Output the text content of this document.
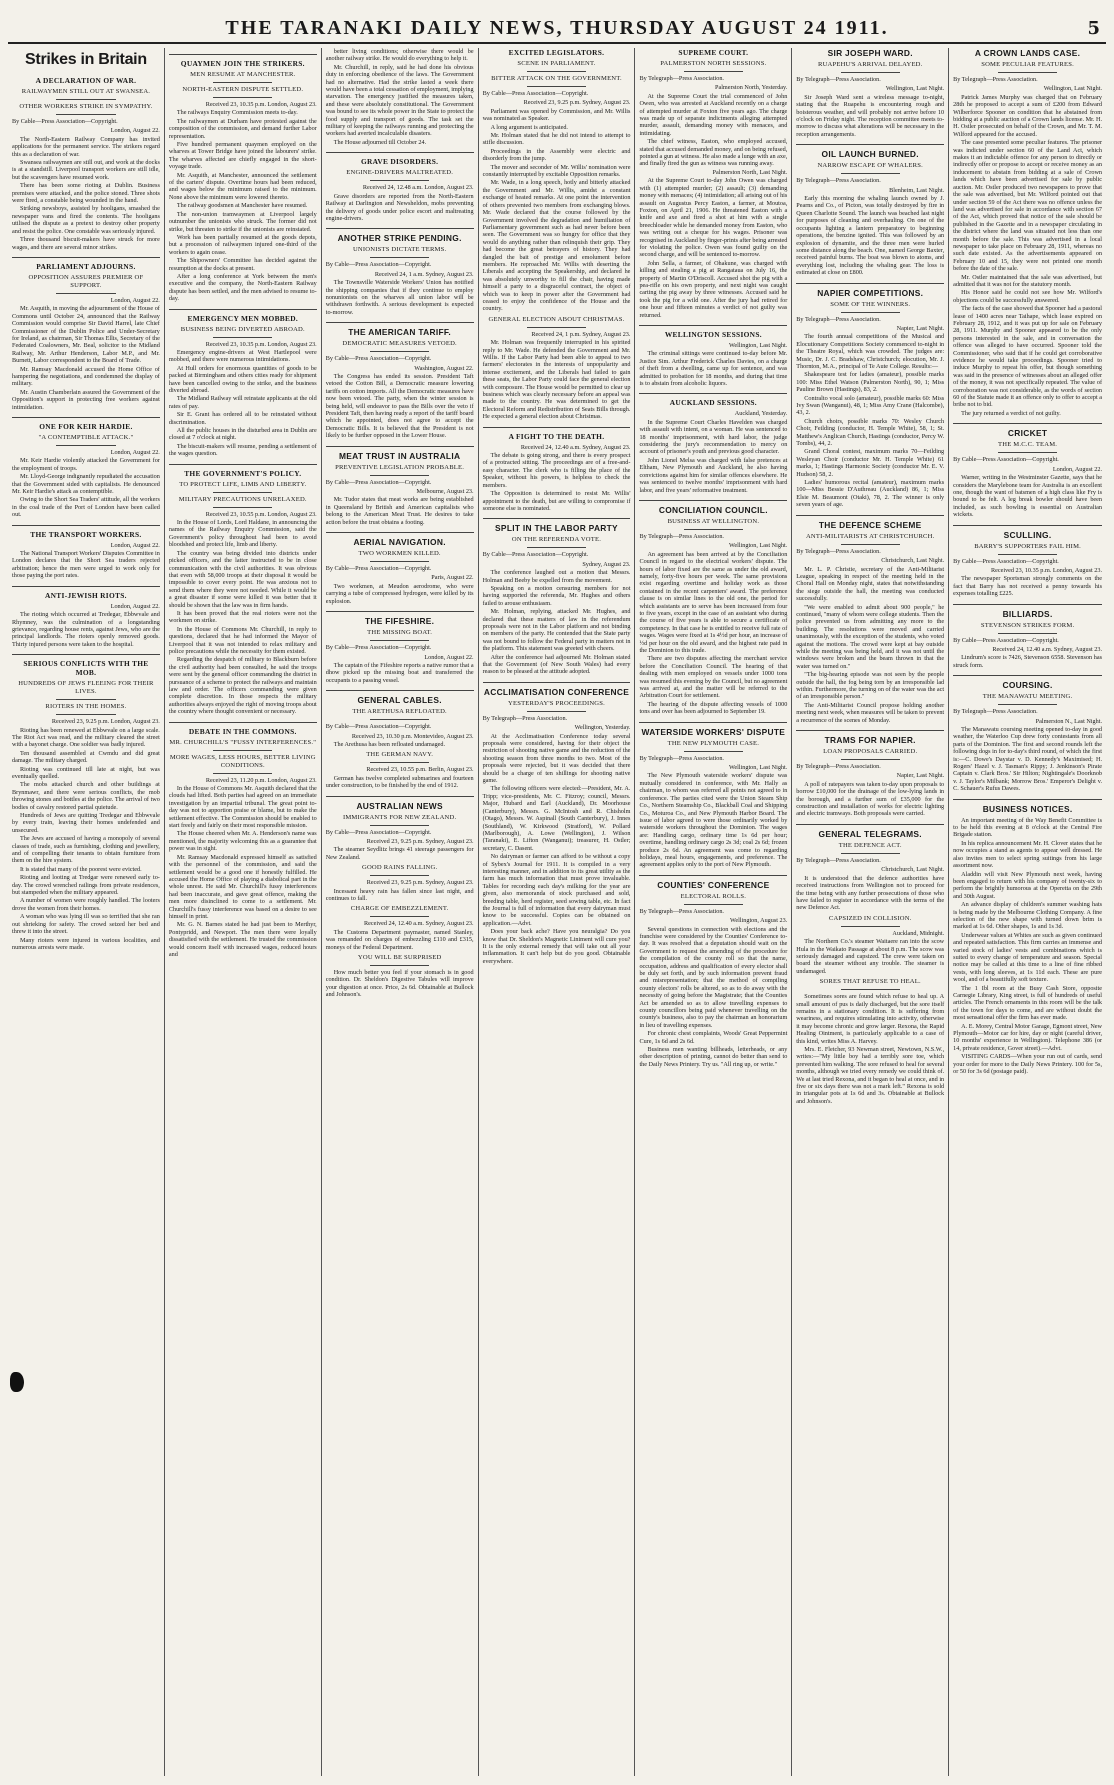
THE TARANAKI DAILY NEWS, THURSDAY AUGUST 24 1911.	5
Strikes in Britain
A DECLARATION OF WAR.
RAILWAYMEN STILL OUT AT SWANSEA.
OTHER WORKERS STRIKE IN SYMPATHY.
By Cable—Press Association—Copyright.
London, August 22.

The North-Eastern Railway Company has invited applications for the permanent service. The strikers regard this as a declaration of war.

Swansea railwaymen are still out, and work at the docks is at a standstill. Liverpool transport workers are still idle, but the scavengers have resumed work.

There has been some rioting at Dublin. Business premises were attacked, and the police stoned. Three shots were fired, a constable being wounded in the hand.

Striking newsboys, assisted by hooligans, smashed the newspaper vans and fired the contents. The hooligans utilised the dispute as a pretext to destroy other property and resist the police. One constable was seriously injured.

Three thousand biscuit-makers have struck for more wages, and there are several minor strikes.

PARLIAMENT ADJOURNS.
OPPOSITION ASSURES PREMIER OF SUPPORT.
London, August 22.

Mr. Asquith, in moving the adjournment of the House of Commons until October 24, announced that the Railway Commission would comprise Sir David Harrel, late Chief Commissioner of the Dublin Police and Under-Secretary for Ireland, as chairman, Sir Thomas Ellis, Secretary of the Federated Coalowners, Mr. Beal, solicitor to the Midland Railway, Mr. Arthur Henderson, Labor M.P., and Mr. Burnett, Labor correspondent to the Board of Trade.

Mr. Ramsay Macdonald accused the Home Office of hampering the negotiations, and condemned the display of military.

Mr. Austin Chamberlain assured the Government of the Opposition's support in protecting free workers against intimidation.

ONE FOR KEIR HARDIE.
"A CONTEMPTIBLE ATTACK."
London, August 22.

Mr. Keir Hardie violently attacked the Government for the employment of troops.

Mr. Lloyd-George indignantly repudiated the accusation that the Government sided with capitalists. He denounced Mr. Keir Hardie's attack as contemptible.

Owing to the Short Sea Traders' attitude, all the workers in the coal trade of the Port of London have been called out.

THE TRANSPORT WORKERS.
London, August 22.

The National Transport Workers' Disputes Committee in London declares that the Short Sea traders rejected arbitration; hence the men were urged to work only for those paying the port rates.

ANTI-JEWISH RIOTS.
London, August 22.

The rioting which occurred at Tredegar, Ebbwvale and Rhymney, was the culmination of a longstanding grievance, regarding house rents, against Jews, who are the principal landlords. The rioters openly removed goods. Thirty injured persons were taken to the hospital.

SERIOUS CONFLICTS WITH THE MOB.
HUNDREDS OF JEWS FLEEING FOR THEIR LIVES.
RIOTERS IN THE HOMES.
Received 23, 9.25 p.m. London, August 23.

Rioting has been renewed at Ebbwvale on a large scale. The Riot Act was read, and the military cleared the street with a bayonet charge. One soldier was badly injured.

Ten thousand assembled at Cwmdu and did great damage. The military charged.

Rioting was continued till late at night, but was eventually quelled.

The mobs attacked church and other buildings at Brynmawr, and there were serious conflicts, the mob throwing stones and bottles at the police. The arrival of two bodies of cavalry restored partial quietude.

Hundreds of Jews are quitting Tredegar and Ebbwvale by every train, leaving their homes undefended and unsecured.

The Jews are accused of having a monopoly of several classes of trade, such as furnishing, clothing and jewellery, and of compelling their tenants to obtain furniture from them on the hire system.

It is stated that many of the poorest were evicted.

Rioting and looting at Tredgar were renewed early to-day. The crowd wrenched railings from private residences, but stampeded when the military appeared.

A number of women were roughly handled. The looters drove the women from their homes.

A woman who was lying ill was so terrified that she ran out shrieking for safety. The crowd seized her bed and threw it into the street.

Many rioters were injured in various localities, and numerous arrests were made.

QUAYMEN JOIN THE STRIKERS.
MEN RESUME AT MANCHESTER.
NORTH-EASTERN DISPUTE SETTLED.
Received 23, 10.35 p.m. London, August 23.

The railways Enquiry Commission meets to-day.

The railwaymen at Durham have protested against the composition of the commission, and demand further Labor representation.

Five hundred permanent quaymen employed on the wharves at Tower Bridge have joined the labourers' strike. The wharves affected are chiefly engaged in the short-voyage trade.

Mr. Asquith, at Manchester, announced the settlement of the carters' dispute. Overtime hours had been reduced, and wages below the minimum raised to the minimum. None above the minimum were lowered thereto.

The railway goodsmen at Manchester have resumed.

The non-union tramwaymen at Liverpool largely outnumber the unionists who struck. The former did not strike, but threaten to strike if the unionists are reinstated.

Work has been partially resumed at the goods depots, but a procession of railwaymen injured one-third of the workers to again cease.

The Shipowners' Committee has decided against the resumption at the docks at present.

After a long conference at York between the men's executive and the company, the North-Eastern Railway dispute has been settled, and the men advised to resume to-day.

EMERGENCY MEN MOBBED.
BUSINESS BEING DIVERTED ABROAD.
Received 23, 10.35 p.m. London, August 23.

Emergency engine-drivers at West Hartlepool were mobbed, and there were numerous intimidations.

At Hull orders for enormous quantities of goods to be packed at Birmingham and others cities ready for shipment have been cancelled owing to the strike, and the business diverted abroad.

The Midland Railway will reinstate applicants at the old rates of pay.

Sir E. Grant has ordered all to be reinstated without discrimination.

All the public houses in the disturbed area in Dublin are closed at 7 o'clock at night.

The biscuit-makers will resume, pending a settlement of the wages question.

THE GOVERNMENT'S POLICY.
TO PROTECT LIFE, LIMB AND LIBERTY.
MILITARY PRECAUTIONS UNRELAXED.
Received 23, 10.55 p.m. London, August 23.

In the House of Lords, Lord Haldane, in announcing the names of the Railway Enquiry Commission, said the Government's policy throughout had been to avoid bloodshed and protect life, limb and liberty.

The country was being divided into districts under picked officers, and the latter instructed to be in close communication with the civil authorities. It was obvious that even with 58,000 troops at their disposal it would be impossible to cover every point. He was anxious not to send them where they were not needed. While it would be a great disaster if some were killed it was better that it should be shown that the law was in firm hands.

It has been proved that the real rioters were not the workmen on strike.

In the House of Commons Mr. Churchill, in reply to questions, declared that he had informed the Mayor of Liverpool that it was not intended to relax military and police precautions while the necessity for them existed.

Regarding the despatch of military to Blackburn before the civil authority had been consulted, he said the troops were sent by the general officer commanding the district in pursuance of a scheme to protect the railways and maintain law and order. The officers commanding were given complete discretion. In those respects the military authorities always enjoyed the right of moving troops about the country where thought convenient or necessary.

DEBATE IN THE COMMONS.
MR. CHURCHILL'S "FUSSY INTERFERENCES."
MORE WAGES, LESS HOURS, BETTER LIVING CONDITIONS.
Received 23, 11.20 p.m. London, August 23.

In the House of Commons Mr. Asquith declared that the clouds had lifted. Both parties had agreed on an immediate investigation by an impartial tribunal. The great point to-day was not to apportion praise or blame, but to make the settlement effective. The Commission should be enabled to start freely and fairly on their most responsible mission.

The House cheered when Mr. A. Henderson's name was mentioned, the majority welcoming this as a guarantee that power was in sight.

Mr. Ramsay Macdonald expressed himself as satisfied with the personnel of the commission, and said the settlement would be a good one if honestly fulfilled. He accused the Home Office of playing a diabolical part in the whole unrest. He said Mr. Churchill's fussy interferences had been inaccurate, and gave great offence, making the men more disinclined to come to a settlement. Mr. Churchill's fussy interference was based on a desire to see himself in print.

Mr. G. N. Barnes stated he had just been to Merthyr, Pontypridd, and Newport. The men there were loyally dissatisfied with the settlement. He trusted the commission would concern itself with increased wages, reduced hours and

better living conditions; otherwise there would be another railway strike. He would do everything to help it.

Mr. Churchill, in reply, said he had done his obvious duty in enforcing obedience of the laws. The Government had no alternative. Had the strike lasted a week there would have been a total cessation of employment, implying starvation. The emergency justified the measures taken, and these were absolutely constitutional. The Government was bound to see its whole power in the State to protect the food supply and transport of goods. The task set the military of keeping the railways running and protecting the workers had averted incalculable disasters.

The House adjourned till October 24.

GRAVE DISORDERS.
ENGINE-DRIVERS MALTREATED.
Received 24, 12.48 a.m. London, August 23.

Grave disorders are reported from the North-Eastern Railway at Darlington and Newsheldon, mobs preventing the delivery of goods under police escort and maltreating engine-drivers.

ANOTHER STRIKE PENDING.
UNIONISTS DICTATE TERMS.
By Cable—Press Association—Copyright.
Received 24, 1 a.m. Sydney, August 23.

The Townsville Waterside Workers' Union has notified the shipping companies that if they continue to employ nonunionists on the wharves all union labor will be withdrawn forthwith. A serious development is expected to-morrow.

THE AMERICAN TARIFF.
DEMOCRATIC MEASURES VETOED.
By Cable—Press Association—Copyright.
Washington, August 22.

The Congress has ended its session. President Taft vetoed the Cotton Bill, a Democratic measure lowering tariffs on cotton imports. All the Democratic measures have now been vetoed. The party, when the winter session is being held, will endeavor to pass the Bills over the veto if President Taft, then having ready a report of the tariff board which he appointed, does not agree to accept the Democratic Bills. It is believed that the President is not likely to be further opposed in the Lower House.

MEAT TRUST IN AUSTRALIA
PREVENTIVE LEGISLATION PROBABLE.
By Cable—Press Association—Copyright.
Melbourne, August 23.

Mr. Tudor states that meat works are being established in Queensland by British and American capitalists who belong to the American Meat Trust. He desires to take action before the trust obtains a footing.

AERIAL NAVIGATION.
TWO WORKMEN KILLED.
By Cable—Press Association—Copyright.
Paris, August 22.

Two workmen, at Meudon aerodrome, who were carrying a tube of compressed hydrogen, were killed by its explosion.

THE FIFESHIRE.
THE MISSING BOAT.
By Cable—Press Association—Copyright.
London, August 22.

The captain of the Fifeshire reports a native rumor that a dhow picked up the missing boat and transferred the occupants to a passing vessel.

GENERAL CABLES.
THE ARETHUSA REFLOATED.
By Cable—Press Association—Copyright.
Received 23, 10.30 p.m. Montevideo, August 23.

The Arethusa has been refloated undamaged.

THE GERMAN NAVY.
Received 23, 10.55 p.m. Berlin, August 23.

German has twelve completed submarines and fourteen under construction, to be finished by the end of 1912.

AUSTRALIAN NEWS
IMMIGRANTS FOR NEW ZEALAND.
By Cable—Press Association—Copyright.
Received 23, 9.25 p.m. Sydney, August 23.

The steamer Seydlitz brings 41 steerage passengers for New Zealand.

GOOD RAINS FALLING.
Received 23, 9.25 p.m. Sydney, August 23.

Incessant heavy rain has fallen since last night, and continues to fall.

CHARGE OF EMBEZZLEMENT.
Received 24, 12.40 a.m. Sydney, August 23.

The Customs Department paymaster, named Stanley, was remanded on charges of embezzling £110 and £315, moneys of the Federal Department.

YOU WILL BE SURPRISED

How much better you feel if your stomach is in good condition. Dr. Sheldon's Digestive Tabules will improve your digestion at once. Price, 2s 6d. Obtainable at Bullock and Johnson's.

EXCITED LEGISLATORS.
SCENE IN PARLIAMENT.
BITTER ATTACK ON THE GOVERNMENT.
By Cable—Press Association—Copyright.
Received 23, 9.25 p.m. Sydney, August 23.

Parliament was opened by Commission, and Mr. Willis was nominated as Speaker.

A long argument is anticipated.

Mr. Holman stated that he did not intend to attempt to stifle discussion.

Proceedings in the Assembly were electric and disorderly from the jump.

The mover and seconder of Mr. Willis' nomination were constantly interrupted by excitable Opposition remarks.

Mr. Wade, in a long speech, hotly and bitterly attacked the Government and Mr. Willis, amidst a constant exchange of heated remarks. At one point the intervention of others prevented two members from exchanging blows. Mr. Wade declared that the course followed by the Government involved the degradation and humiliation of Parliamentary government such as had never before been seen. The Government was so hungry for office that they would do anything rather than relinquish their grip. They had become the great betrayers of history. They had dangled the bait of prestige and emolument before members. He reproached Mr. Willis with deserting the Liberals and accepting the Speakership, and declared he was absolutely unworthy to fill the chair, having made himself a party to a disgraceful contract, the object of which was to keep in power after the Government had ceased to enjoy the confidence of the House and the country.

GENERAL ELECTION ABOUT CHRISTMAS.
Received 24, 1 p.m. Sydney, August 23.

Mr. Holman was frequently interrupted in his spirited reply to Mr. Wade. He defended the Government and Mr. Willis. If the Labor Party had been able to appeal to two farmers' electorates in the interests of unpopularity and intense excitement, and the Liberals had failed to gain these seats, the Labor Party could face the general election with composure. The House would be permitted to clear up business which was clearly necessary before an appeal was made to the country. He was determined to get the Electoral Reform and Redistribution of Seats Bills through. He expected a general election about Christmas.

A FIGHT TO THE DEATH.
Received 24, 12.40 a.m. Sydney, August 23.

The debate is going strong, and there is every prospect of a protracted sitting. The proceedings are of a free-and-easy character. The clerk who is filling the place of the Speaker, without his powers, is helpless to check the members.

The Opposition is determined to resist Mr. Willis' appointment to the death, but are willing to compromise if someone else is nominated.

SPLIT IN THE LABOR PARTY
ON THE REFERENDA VOTE.
By Cable—Press Association—Copyright.
Sydney, August 23.

The conference laughed out a motion that Messrs. Holman and Beeby be expelled from the movement.

Speaking on a motion censuring members for not having supported the referenda, Mr. Hughes and others failed to arouse enthusiasm.

Mr. Holman, replying, attacked Mr. Hughes, and declared that these matters of law in the referendum proposals were not in the Labor platform and not binding on members of the party. He contended that the State party was not bound to follow the Federal party in matters not in the platform. This statement was greeted with cheers.

After the conference had adjourned Mr. Holman stated that the Government (of New South Wales) had every reason to be pleased at the attitude adopted.

ACCLIMATISATION CONFERENCE
YESTERDAY'S PROCEEDINGS.
By Telegraph—Press Association.
Wellington, Yesterday.

At the Acclimatisation Conference today several proposals were considered, having for their object the restriction of shooting native game and the reduction of the shooting season from three months to two. Most of the proposals were rejected, but it was decided that there should be a charge of ten shillings for shooting native game.

The following officers were elected:—President, Mr. A. Tripp; vice-presidents, Mr. C. Fitzroy; council, Messrs. Major, Hubard and Earl (Auckland), Dr. Moorhouse (Canterbury), Messrs. G. McIntosh and R. Chisholm (Otago), Messrs. W. Aspinall (South Canterbury), J. Innes (Southland), W. Kirkwood (Stratford), W. Pollard (Marlborough), A. Lowe (Wellington), J. Wilson (Taranaki), E. Lifton (Wanganui); treasurer, H. Ostler; secretary, C. Dasent.

No dairyman or farmer can afford to be without a copy of Sybex's Journal for 1911. It is compiled in a very interesting manner, and in addition to its great utility as the farm has much information that must prove invaluable. Tables for recording each day's milking for the year are given, also memoranda of stock purchased and sold, breeding table, herd register, seed sowing table, etc. In fact the Journal is full of information that every dairyman must know to be successful. Copies can be obtained on application.—Advt.

Does your back ache? Have you neuralgia? Do you know that Dr. Sheldon's Magnetic Liniment will cure you? It is the only external remedy that will take out all your inflammation. It can't help but do you good. Obtainable everywhere.

SUPREME COURT.
PALMERSTON NORTH SESSIONS.
By Telegraph—Press Association.
Palmerston North, Yesterday.

At the Supreme Court the trial commenced of John Owen, who was arrested at Auckland recently on a charge of attempted murder at Foxton five years ago. The charge was made up of separate indictments alleging attempted murder, assault, demanding money with menaces, and intimidating.

The chief witness, Easton, who employed accused, stated that accused demanded money, and on being refused, pointed a gun at witness. He also made a lunge with an axe, and finally fired the gun as witness was running away.

Palmerston North, Last Night.

At the Supreme Court to-day John Owen was charged with (1) attempted murder; (2) assault; (3) demanding money with menaces; (4) intimidation; all arising out of his assault on Augustus Percy Easton, a farmer, at Moutoa, Foxton, on April 21, 1906. He threatened Easton with a knife and axe and fired a shot at him with a single breechloader while he demanded money from Easton, who was writing out a cheque for his wages. Prisoner was recognised in Auckland by finger-prints after being arrested for violating the police. Owen was found guilty on the second charge, and will be sentenced to-morrow.

John Sella, a farmer, of Ohakune, was charged with killing and stealing a pig at Rangataua on July 16, the property of Martin O'Driscoll. Accused shot the pig with a pea-rifle on his own property, and next night was caught carting the pig away by three witnesses. Accused said he took the pig for a wild one. After the jury had retired for one hour and fifteen minutes a verdict of not guilty was returned.

WELLINGTON SESSIONS.
Wellington, Last Night.

The criminal sittings were continued to-day before Mr. Justice Sim. Arthur Frederick Charles Davies, on a charge of theft from a dwelling, came up for sentence, and was admitted to probation for 18 months, and during that time is to abstain from alcoholic liquors.

AUCKLAND SESSIONS.
Auckland, Yesterday.

In the Supreme Court Charles Havelden was charged with assault with intent, on a woman. He was sentenced to 18 months' imprisonment, with hard labor, the judge considering the jury's recommendation to mercy on account of prisoner's youth and previous good character.

John Lionel Melsa was charged with false pretences at Eltham, New Plymouth and Auckland, he also having convictions against him for similar offences elsewhere. He was sentenced to twelve months' imprisonment with hard labor, and five years' reformative treatment.

CONCILIATION COUNCIL.
BUSINESS AT WELLINGTON.
By Telegraph—Press Association.
Wellington, Last Night.

An agreement has been arrived at by the Conciliation Council in regard to the electrical workers' dispute. The hours of labor fixed are the same as under the old award, namely, forty-five hours per week. The same provisions exist regarding overtime and holiday work as those contained in the recent carpenters' award. The preference clause is on similar lines to the old one, the period for which assistants are to serve has been increased from four to five years, except in the case of an assistant who during the course of five years is able to secure a certificate of competency. In that case he is entitled to receive full rate of wages. Wages were fixed at 1s 4½d per hour, an increase of ½d per hour on the old award, and the highest rate paid in the Dominion to this trade.

There are two disputes affecting the merchant service before the Conciliation Council. The hearing of that dealing with men employed on vessels under 1000 tons was resumed this evening by the Council, but no agreement was arrived at, and the matter will be referred to the Arbitration Court for settlement.

The hearing of the dispute affecting vessels of 1000 tons and over has been adjourned to September 19.

WATERSIDE WORKERS' DISPUTE
THE NEW PLYMOUTH CASE.
By Telegraph—Press Association.
Wellington, Last Night.

The New Plymouth waterside workers' dispute was mutually considered in conference, with Mr. Hally as chairman, to whom was referred all points not agreed to in conference. The parties cited were the Union Steam Ship Co., Northern Steamship Co., Blackball Coal and Shipping Co., Moturoa Co., and New Plymouth Harbor Board. The issue of labor agreed to were those ordinarily worked by waterside workers throughout the Dominion. The wages are: Handling cargo, ordinary time 1s 6d per hour; overtime, handling ordinary cargo 2s 3d; coal 2s 6d; frozen produce 2s 6d. An agreement was come to regarding holidays, meal hours, engagements, and preference. The agreement applies only to the port of New Plymouth.

COUNTIES' CONFERENCE
ELECTORAL ROLLS.
By Telegraph—Press Association.
Wellington, August 23.

Several questions in connection with elections and the franchise were considered by the Counties' Conference to-day. It was resolved that a deputation should wait on the Government to request the amending of the procedure for the compilation of the county roll so that the name, occupation, address and qualification of every elector shall be duly set forth, and by such information prevent fraud and misrepresentation; that the method of compiling county electors' rolls be altered, so as to do away with the necessity of going before the Magistrate; that the Counties Act be amended so as to allow travelling expenses to county councillors being paid whenever travelling on the county's business, also to pay the chairman an honorarium in lieu of travelling expenses.

For chronic chest complaints, Woods' Great Peppermint Cure, 1s 6d and 2s 6d.

Business men wanting billheads, letterheads, or any other description of printing, cannot do better than send to the Daily News Printery. Try us. "All ring up, or write."

SIR JOSEPH WARD.
RUAPEHU'S ARRIVAL DELAYED.
By Telegraph—Press Association.
Wellington, Last Night.

Sir Joseph Ward sent a wireless message to-night, stating that the Ruapehu is encountering rough and boisterous weather, and will probably not arrive before 10 o'clock on Friday night. The reception committee meets to-morrow to discuss what alterations will be necessary in the reception arrangements.

OIL LAUNCH BURNED.
NARROW ESCAPE OF WHALERS.
By Telegraph—Press Association.
Blenheim, Last Night.

Early this morning the whaling launch owned by J. Pearns and Co., of Picton, was totally destroyed by fire in Queen Charlotte Sound. The launch was beached last night for purposes of cleaning and overhauling. On one of the occupants lighting a lantern preparatory to beginning operations, the benzine ignited. This was followed by an explosion of dynamite, and the three men were hurled some distance along the beach. One, named George Baxter, received painful burns. The boat was blown to atoms, and everything lost, including the whaling gear. The loss is estimated at close on £800.

NAPIER COMPETITIONS.
SOME OF THE WINNERS.
By Telegraph—Press Association.
Napier, Last Night.

The fourth annual competitions of the Musical and Elocutionary Competitions Society commenced to-night in the Theatre Royal, which was crowded. The judges are: Music, Dr. J. C. Bradshaw, Christchurch; elocution, Mr. J. Thornton, M.A., principal of Te Aute College. Results:—

Shakespeare test for ladies (amateur), possible marks 100: Miss Ethel Watson (Palmerston North), 90, 1; Miss Pauline Brown (Hastings), 83, 2.

Contralto vocal solo (amateur), possible marks 60: Miss Ivy Swan (Wanganui), 48, 1; Miss Amy Crane (Halcombe), 43, 2.

Church choirs, possible marks 70: Wesley Church Choir, Feilding (conductor, H. Temple White), 58, 1; St. Matthew's Anglican Church, Hastings (conductor, Percy W. Tombs), 44, 2.

Grand Choral contest, maximum marks 70—Feilding Wesleyan Choir (conductor Mr. H. Temple White) 61 marks, 1; Hastings Harmonic Society (conductor Mr. E. V. Hudson) 58, 2.

Ladies' humorous recital (amateur), maximum marks 100—Miss Bessie D'Authreau (Auckland) 86, 1; Miss Elsie M. Beaumont (Otaki), 78, 2. The winner is only seven years of age.

THE DEFENCE SCHEME
ANTI-MILITARISTS AT CHRISTCHURCH.
By Telegraph—Press Association.
Christchurch, Last Night.

Mr. L. P. Christie, secretary of the Anti-Militarist League, speaking in respect of the meeting held in the Choral Hall on Monday night, states that notwithstanding the siege outside the hall, the meeting was conducted successfully.

"We were enabled to admit about 900 people," he continued, "many of whom were college students. Then the police prevented us from admitting any more to the building. The resolutions were moved and carried unanimously, with the exception of the students, who voted against the motions. The crowd were kept at bay outside while the meeting was being held, and it was not until the windows were broken and the beam thrown in that the water was turned on."

"The big-hearing episode was not seen by the people outside the hall, the fog being torn by an irresponsible lad within. Furthermore, the turning on of the water was the act of an irresponsible person."

The Anti-Militarist Council propose holding another meeting next week, when measures will be taken to prevent a recurrence of the scenes of Monday.

TRAMS FOR NAPIER.
LOAN PROPOSALS CARRIED.
By Telegraph—Press Association.
Napier, Last Night.

A poll of ratepayers was taken to-day upon proposals to borrow £10,000 for the drainage of the low-lying lands in the borough, and a further sum of £35,000 for the construction and installation of works for electric lighting and electric tramways. Both proposals were carried.

GENERAL TELEGRAMS.
THE DEFENCE ACT.
By Telegraph—Press Association.
Christchurch, Last Night.

It is understood that the defence authorities have received instructions from Wellington not to proceed for the time being with any further prosecutions of those who have failed to register in accordance with the terms of the new Defence Act.

CAPSIZED IN COLLISION.
Auckland, Midnight.

The Northern Co.'s steamer Waitaere ran into the scow Hula in the Waikato Passage at about 8 p.m. The scow was seriously damaged and capsized. The crew were taken on board the steamer without any trouble. The steamer is undamaged.

SORES THAT REFUSE TO HEAL.

Sometimes sores are found which refuse to heal up. A small amount of pus is daily discharged, but the sore itself remains in a stationary condition. It is suffering from weariness, and requires stimulating into activity, otherwise it may become chronic and grow larger. Rexona, the Rapid Healing Ointment, is particularly applicable to a case of this kind, writes Miss A. Harvey.

Mrs. E. Fletcher, 93 Newman street, Newtown, N.S.W., writes:—"My little boy had a terribly sore toe, which prevented him walking. The sore refused to heal for several months, although we tried every remedy we could think of. We at last tried Rexona, and it began to heal at once, and in five or six days there was not a mark left." Rexona is sold in triangular pots at 1s 6d and 3s. Obtainable at Bullock and Johnson's.

A CROWN LANDS CASE.
SOME PECULIAR FEATURES.
By Telegraph—Press Association.
Wellington, Last Night.

Patrick James Murphy was charged that on February 28th he proposed to accept a sum of £200 from Edward Wilberforce Spooner on condition that he abstained from bidding at a public auction of a Crown lands license. Mr. H. H. Ostler prosecuted on behalf of the Crown, and Mr. T. M. Wilford appeared for the accused.

The case presented some peculiar features. The prisoner was indicted under section 60 of the Land Act, which makes it an indictable offence for any person to directly or indirectly offer or propose to accept or receive money as an inducement to abstain from bidding at a sale of Crown lands which have been advertised for sale by public auction. Mr. Ostler produced two newspapers to prove that the sale was advertised, but Mr. Wilford pointed out that under section 59 of the Act there was no offence unless the land was advertised for sale in accordance with section 67 of the Act, which proved that notice of the sale should be published in the Gazette and in a newspaper circulating in the district where the land was situated not less than one month before the sale. This was advertised in a local newspaper to take place on February 28, 1911, whereas no such date existed. As the advertisements appeared on February 10 and 15, they were not printed one month before the date of the sale.

Mr. Ostler maintained that the sale was advertised, but admitted that it was not for the statutory month.

His Honor said he could not see how Mr. Wilford's objections could be successfully answered.

The facts of the case showed that Spooner had a pastoral lease of 1400 acres near Taihape, which lease expired on February 28, 1912, and it was put up for sale on February 28, 1911. Murphy and Spooner appeared to be the only persons interested in the sale, and in conversation the offence was alleged to have occurred. Spooner told the Commissioner, who said that if he could get corroborative evidence he would take proceedings. Spooner tried to induce Murphy to repeat his offer, but though something was said in the presence of witnesses about an alleged offer of the money, it was not specifically repeated. The value of corroboration was not considerable, as the words of section 60 of the Statute made it an offence only to offer to accept a bribe not to bid.

The jury returned a verdict of not guilty.

CRICKET
THE M.C.C. TEAM.
By Cable—Press Association—Copyright.
London, August 22.

Warner, writing in the Westminster Gazette, says that he considers the Marylebone team for Australia is an excellent one, though the want of batsmen of a high class like Fry is bound to be felt. A leg break bowler should have been included, as such bowling is essential on Australian wickets.

SCULLING.
BARRY'S SUPPORTERS FAIL HIM.
By Cable—Press Association—Copyright.
Received 23, 10.35 p.m. London, August 23.

The newspaper Sportsman strongly comments on the fact that Barry has not received a penny towards his expenses totalling £225.

BILLIARDS.
STEVENSON STRIKES FORM.
By Cable—Press Association—Copyright.
Received 24, 12.40 a.m. Sydney, August 23.

Lindrum's score is 7426, Stevenson 6558. Stevenson has struck form.

COURSING.
THE MANAWATU MEETING.
By Telegraph—Press Association.
Palmerston N., Last Night.

The Manawatu coursing meeting opened to-day in good weather, the Waterloo Cup drew forty contestants from all parts of the Dominion. The first and second rounds left the following dogs in for to-day's third round, of which the first is:—C. Dowe's Daystar v. D. Kennedy's Maximised; H. Rogers' Hazel v. J. Tasman's Rippy; J. Jenkinson's Pirate Captain v. Clark Bros.' Sir Hilton; Nightingale's Doorknob v. J. Taylor's Milbank; Morrow Bros.' Emperor's Delight v. C. Schauer's Rufus Dawes.

BUSINESS NOTICES.

An important meeting of the Way Benefit Committee is to be held this evening at 8 o'clock at the Central Fire Brigade station.

In his replica announcement Mr. H. Clover states that he now occupies a stand as agents to appear well dressed. He also invites men to select spring suitings from his large assortment now.

Aladdin will visit New Plymouth next week, having been engaged to return with his company of twenty-six to perform the brightly humorous at the Operetta on the 29th and 30th August.

An advance display of children's summer washing hats is being made by the Melbourne Clothing Company. A fine selection of the new shape with turned down brim is marked at 1s 6d. Other shapes, 1s and 1s 3d.

Underwear values at Whites are such as given continued and repeated satisfaction. This firm carries an immense and varied stock of ladies' vests and combinations which is suited to every change of temperature and season. Special notice may be called at this time to a line of fine ribbed vests, with long sleeves, at 1s 11d each. These are pure wool, and of a beautifully soft texture.

The 1 Ibl room at the Busy Cash Store, opposite Carnegie Library, King street, is full of hundreds of useful articles. The French ornaments in this room will be the talk of the town for days to come, and are without doubt the most sensational offer the firm has ever made.

A. E. Morey, Central Motor Garage, Egmont street, New Plymouth—Motor car for hire, day or night (careful driver, 10 months' experience in Wellington). Telephone 386 (or 14, private residence, Gover street).—Advt.

VISITING CARDS—When your run out of cards, send your order for more to the Daily News Printery. 100 for 5s, or 50 for 3s 6d (postage paid).
